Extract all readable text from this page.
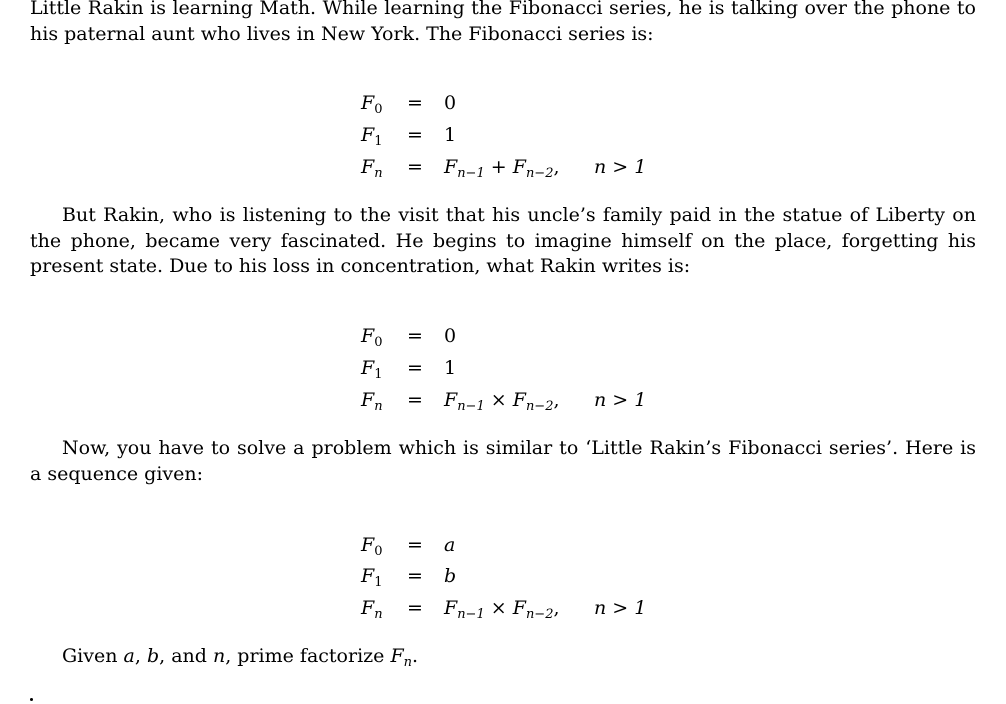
Little Rakin is learning Math. While learning the Fibonacci series, he is talking over the phone to his paternal aunt who lives in New York. The Fibonacci series is:
$F_0 = 0$
$F_1 = 1$
$F_n = F_{n-1} + F_{n-2}$, n > 1
But Rakin, who is listening to the visit that his uncle’s family paid in the statue of Liberty on the phone, became very fascinated. He begins to imagine himself on the place, forgetting his present state. Due to his loss in concentration, what Rakin writes is:
$F_0 = 0$
$F_1 = 1$
$F_n = F_{n-1} \times F_{n-2}$, n > 1
Now, you have to solve a problem which is similar to ‘Little Rakin’s Fibonacci series’. Here is a sequence given:
$F_0 = a$
$F_1 = b$
$F_n = F_{n-1} \times F_{n-2}$, n > 1
Given a, b, and n, prime factorize $F_n$.
